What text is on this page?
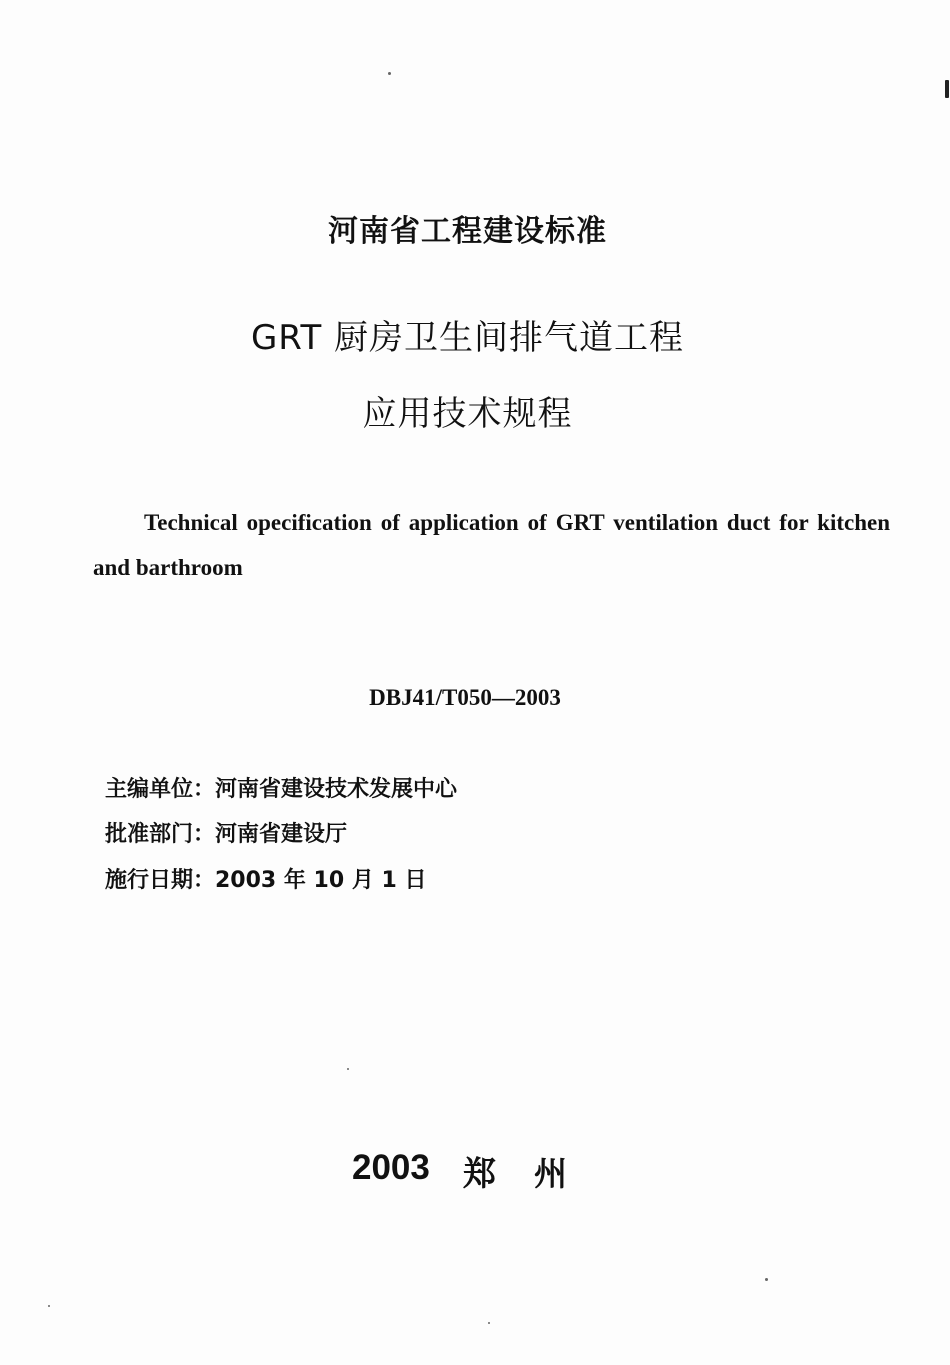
河南省工程建设标准
GRT 厨房卫生间排气道工程
应用技术规程

Technical opecification of application of GRT ventilation duct for kitchen and barthroom

DBJ41/T050—2003
主编单位：河南省建设技术发展中心
批准部门：河南省建设厅
施行日期：2003 年 10 月 1 日
2003 郑州
